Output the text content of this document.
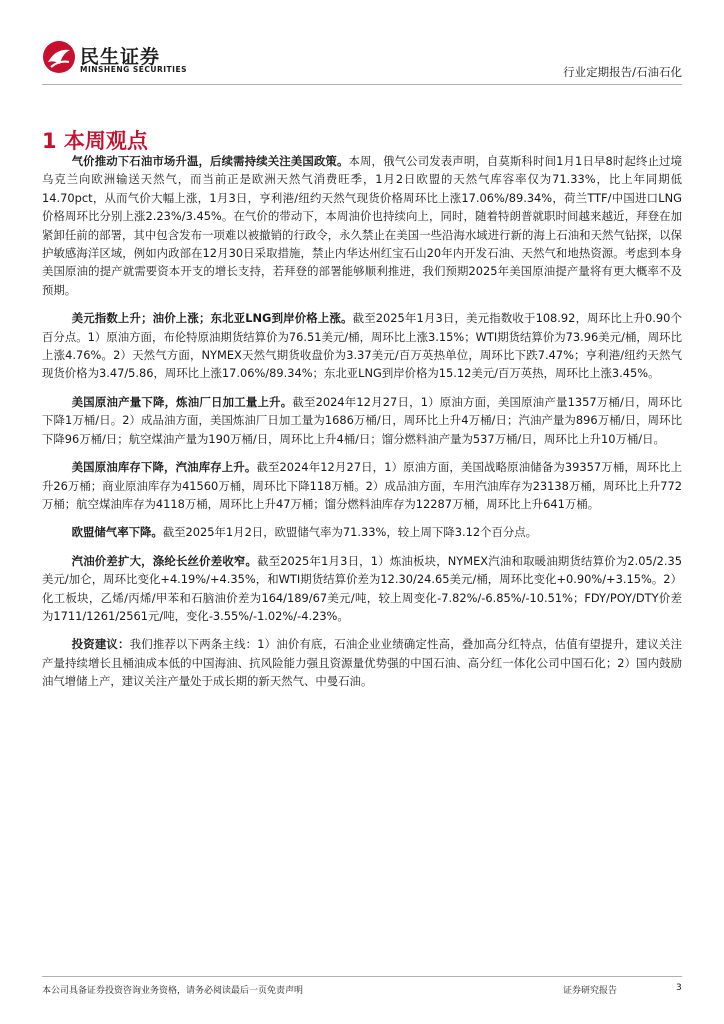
民生证券
MINSHENG SECURITIES	行业定期报告/石油石化
1 本周观点

气价推动下石油市场升温，后续需持续关注美国政策。本周，俄气公司发表声明，自莫斯科时间1月1日早8时起终止过境乌克兰向欧洲输送天然气，而当前正是欧洲天然气消费旺季，1月2日欧盟的天然气库容率仅为71.33%，比上年同期低14.70pct，从而气价大幅上涨，1月3日，亨利港/纽约天然气现货价格周环比上涨17.06%/89.34%，荷兰TTF/中国进口LNG价格周环比分别上涨2.23%/3.45%。在气价的带动下，本周油价也持续向上，同时，随着特朗普就职时间越来越近，拜登在加紧卸任前的部署，其中包含发布一项难以被撤销的行政令，永久禁止在美国一些沿海水域进行新的海上石油和天然气钻探，以保护敏感海洋区域，例如内政部在12月30日采取措施，禁止内华达州红宝石山20年内开发石油、天然气和地热资源。考虑到本身美国原油的提产就需要资本开支的增长支持，若拜登的部署能够顺利推进，我们预期2025年美国原油提产量将有更大概率不及预期。

美元指数上升；油价上涨；东北亚LNG到岸价格上涨。截至2025年1月3日，美元指数收于108.92，周环比上升0.90个百分点。1）原油方面，布伦特原油期货结算价为76.51美元/桶，周环比上涨3.15%；WTI期货结算价为73.96美元/桶，周环比上涨4.76%。2）天然气方面，NYMEX天然气期货收盘价为3.37美元/百万英热单位，周环比下跌7.47%；亨利港/纽约天然气现货价格为3.47/5.86，周环比上涨17.06%/89.34%；东北亚LNG到岸价格为15.12美元/百万英热，周环比上涨3.45%。

美国原油产量下降，炼油厂日加工量上升。截至2024年12月27日，1）原油方面，美国原油产量1357万桶/日，周环比下降1万桶/日。2）成品油方面，美国炼油厂日加工量为1686万桶/日，周环比上升4万桶/日；汽油产量为896万桶/日，周环比下降96万桶/日；航空煤油产量为190万桶/日，周环比上升4桶/日；馏分燃料油产量为537万桶/日，周环比上升10万桶/日。

美国原油库存下降，汽油库存上升。截至2024年12月27日，1）原油方面，美国战略原油储备为39357万桶，周环比上升26万桶；商业原油库存为41560万桶，周环比下降118万桶。2）成品油方面，车用汽油库存为23138万桶，周环比上升772万桶；航空煤油库存为4118万桶，周环比上升47万桶；馏分燃料油库存为12287万桶，周环比上升641万桶。

欧盟储气率下降。截至2025年1月2日，欧盟储气率为71.33%，较上周下降3.12个百分点。

汽油价差扩大，涤纶长丝价差收窄。截至2025年1月3日，1）炼油板块，NYMEX汽油和取暖油期货结算价为2.05/2.35美元/加仑，周环比变化+4.19%/+4.35%，和WTI期货结算价差为12.30/24.65美元/桶，周环比变化+0.90%/+3.15%。2）化工板块，乙烯/丙烯/甲苯和石脑油价差为164/189/67美元/吨，较上周变化-7.82%/-6.85%/-10.51%；FDY/POY/DTY价差为1711/1261/2561元/吨，变化-3.55%/-1.02%/-4.23%。

投资建议：我们推荐以下两条主线：1）油价有底，石油企业业绩确定性高，叠加高分红特点，估值有望提升，建议关注产量持续增长且桶油成本低的中国海油、抗风险能力强且资源量优势强的中国石油、高分红一体化公司中国石化；2）国内鼓励油气增储上产，建议关注产量处于成长期的新天然气、中曼石油。

本公司具备证券投资咨询业务资格，请务必阅读最后一页免责声明	证券研究报告	3
